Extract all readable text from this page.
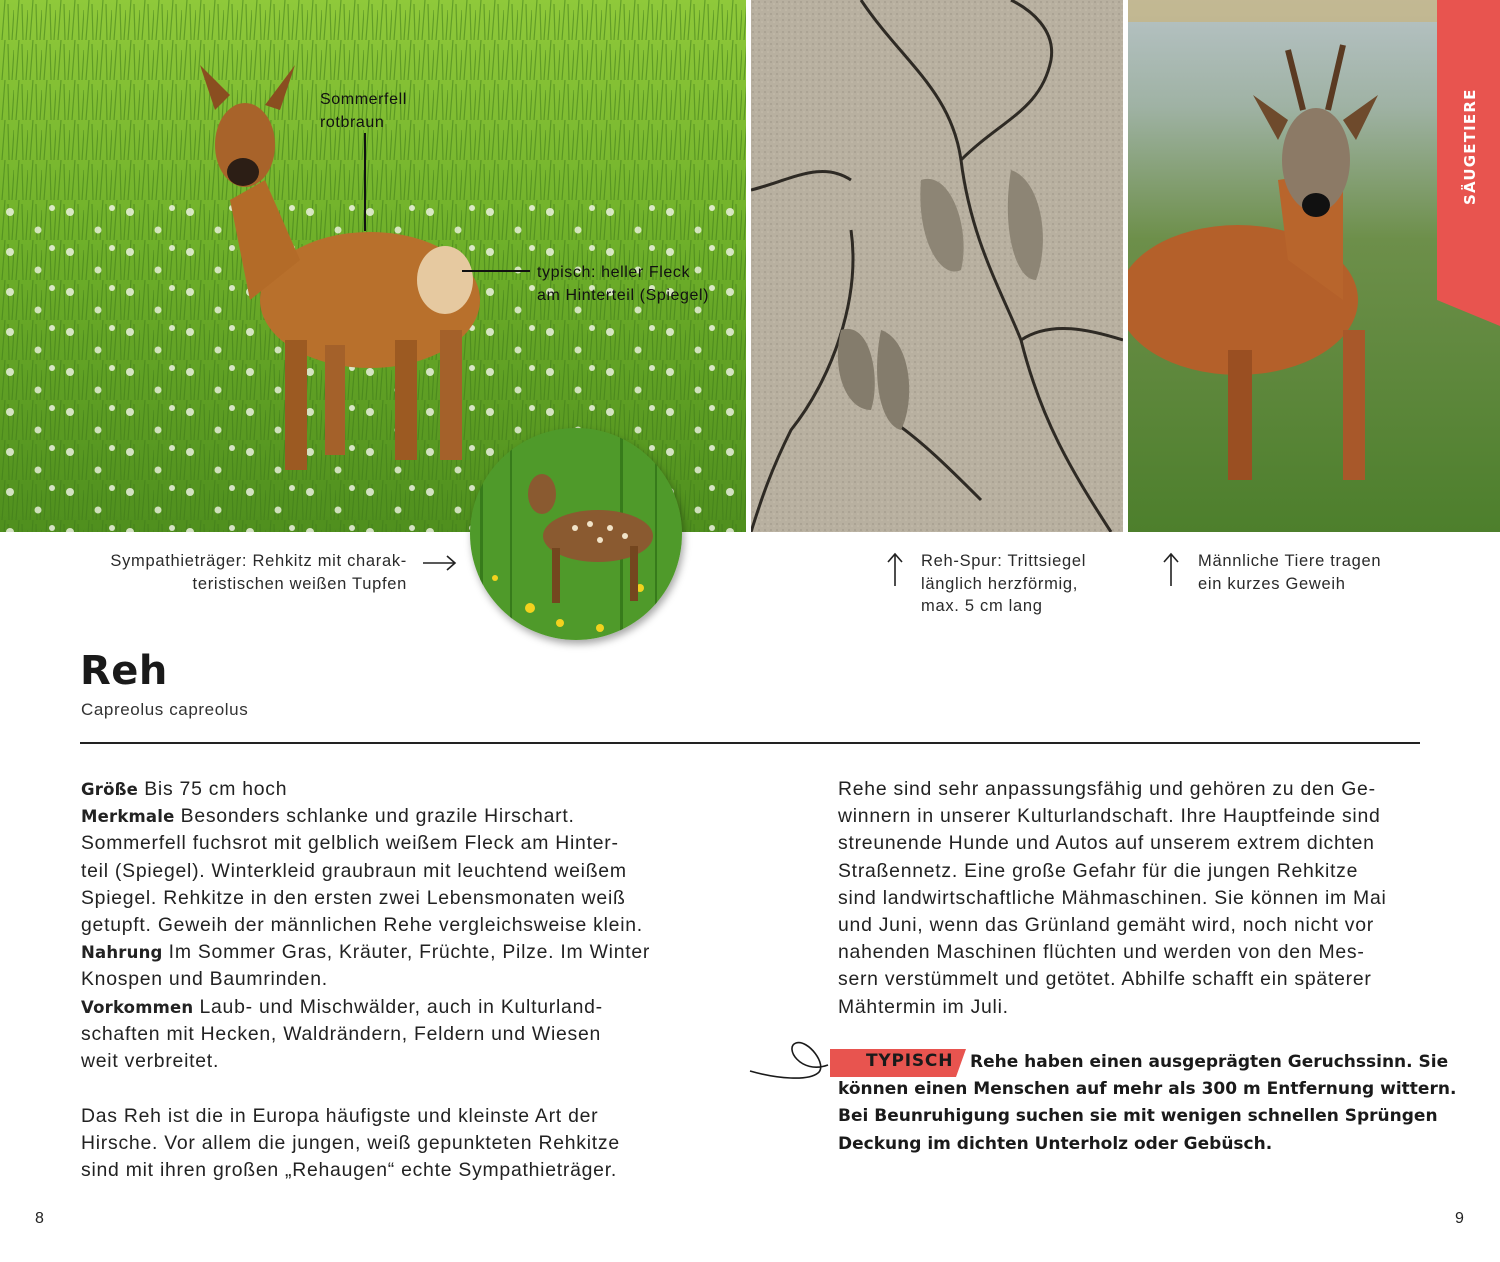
SÄUGETIERE
Sommerfell
rotbraun
typisch: heller Fleck
am Hinterteil (Spiegel)
Sympathieträger: Rehkitz mit charak-
teristischen weißen Tupfen
Reh-Spur: Trittsiegel
länglich herzförmig,
max. 5 cm lang
Männliche Tiere tragen
ein kurzes Geweih
Reh
Capreolus capreolus
Größe Bis 75 cm hoch
Merkmale Besonders schlanke und grazile Hirschart.
Sommerfell fuchsrot mit gelblich weißem Fleck am Hinter-
teil (Spiegel). Winterkleid graubraun mit leuchtend weißem
Spiegel. Rehkitze in den ersten zwei Lebensmonaten weiß
getupft. Geweih der männlichen Rehe vergleichsweise klein.
Nahrung Im Sommer Gras, Kräuter, Früchte, Pilze. Im Winter
Knospen und Baumrinden.
Vorkommen Laub- und Mischwälder, auch in Kulturland-
schaften mit Hecken, Waldrändern, Feldern und Wiesen
weit verbreitet.
Das Reh ist die in Europa häufigste und kleinste Art der
Hirsche. Vor allem die jungen, weiß gepunkteten Rehkitze
sind mit ihren großen „Rehaugen“ echte Sympathieträger.
Rehe sind sehr anpassungsfähig und gehören zu den Ge-
winnern in unserer Kulturlandschaft. Ihre Hauptfeinde sind
streunende Hunde und Autos auf unserem extrem dichten
Straßennetz. Eine große Gefahr für die jungen Rehkitze
sind landwirtschaftliche Mähmaschinen. Sie können im Mai
und Juni, wenn das Grünland gemäht wird, noch nicht vor
nahenden Maschinen flüchten und werden von den Mes-
sern verstümmelt und getötet. Abhilfe schafft ein späterer
Mähtermin im Juli.
TYPISCH Rehe haben einen ausgeprägten Geruchssinn. Sie
können einen Menschen auf mehr als 300 m Entfernung wittern.
Bei Beunruhigung suchen sie mit wenigen schnellen Sprüngen
Deckung im dichten Unterholz oder Gebüsch.
8	9
